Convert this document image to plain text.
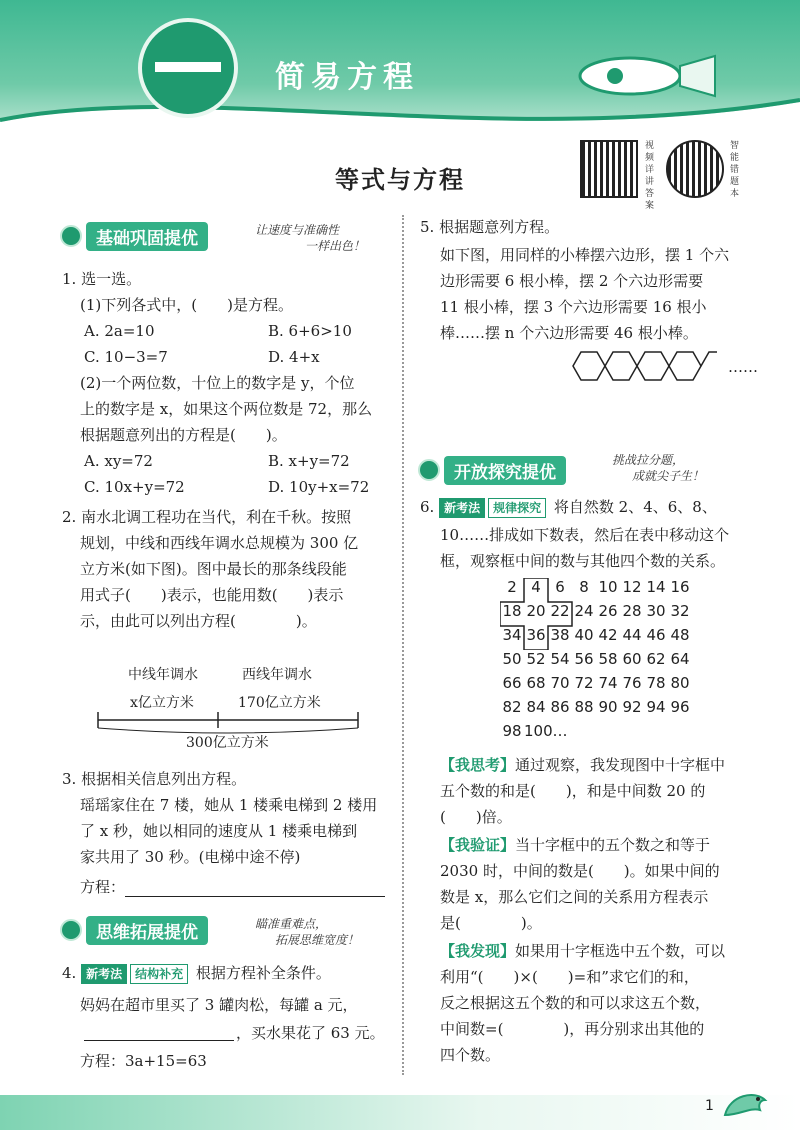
简易方程
等式与方程
视频详讲答案
智能错题本
基础巩固提优	让速度与准确性
一样出色！
1. 选一选。
(1)下列各式中，(　　)是方程。
A. 2a=10	B. 6+6>10
C. 10−3=7	D. 4+x
(2)一个两位数，十位上的数字是 y，个位
上的数字是 x，如果这个两位数是 72，那么
根据题意列出的方程是(　　)。
A. xy=72	B. x+y=72
C. 10x+y=72	D. 10y+x=72
2. 南水北调工程功在当代，利在千秋。按照
规划，中线和西线年调水总规模为 300 亿
立方米(如下图)。图中最长的那条线段能
用式子(　　)表示，也能用数(　　)表示
示，由此可以列出方程(　　　　)。
中线年调水	西线年调水
x亿立方米	170亿立方米
300亿立方米
3. 根据相关信息列出方程。
瑶瑶家住在 7 楼，她从 1 楼乘电梯到 2 楼用
了 x 秒，她以相同的速度从 1 楼乘电梯到
家共用了 30 秒。(电梯中途不停)
方程：
思维拓展提优	瞄准重难点，
拓展思维宽度！
4. 新考法 结构补充 根据方程补全条件。
妈妈在超市里买了 3 罐肉松，每罐 a 元，
，买水果花了 63 元。
方程：3a+15=63
5. 根据题意列方程。
如下图，用同样的小棒摆六边形，摆 1 个六
边形需要 6 根小棒，摆 2 个六边形需要
11 根小棒，摆 3 个六边形需要 16 根小
棒……摆 n 个六边形需要 46 根小棒。
……
开放探究提优
挑战拉分题，
成就尖子生！
6. 新考法 规律探究 将自然数 2、4、6、8、
10……排成如下数表，然后在表中移动这个
框，观察框中间的数与其他四个数的关系。
2 4 6 8 10 12 14 16
18 20 22 24 26 28 30 32
34 36 38 40 42 44 46 48
50 52 54 56 58 60 62 64
66 68 70 72 74 76 78 80
82 84 86 88 90 92 94 96
98 100…
【我思考】通过观察，我发现图中十字框中
五个数的和是(　　)，和是中间数 20 的
(　　)倍。
【我验证】当十字框中的五个数之和等于
2030 时，中间的数是(　　)。如果中间的
数是 x，那么它们之间的关系用方程表示
是(　　　　)。
【我发现】如果用十字框选中五个数，可以
利用“(　　)×(　　)=和”求它们的和，
反之根据这五个数的和可以求这五个数，
中间数=(　　　　)，再分别求出其他的
四个数。
1
